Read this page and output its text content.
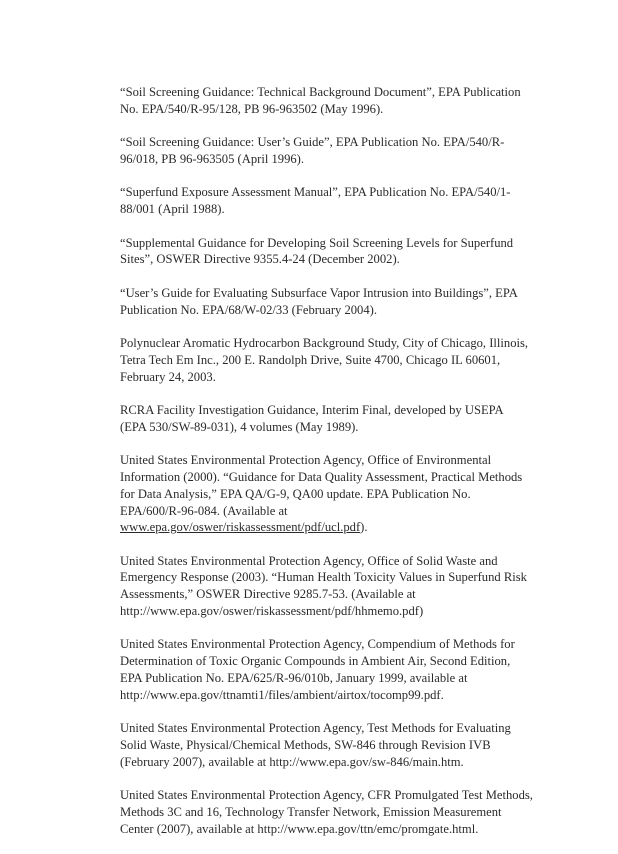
“Soil Screening Guidance: Technical Background Document”, EPA Publication
No. EPA/540/R-95/128, PB 96-963502 (May 1996).

“Soil Screening Guidance: User’s Guide”, EPA Publication No. EPA/540/R-
96/018, PB 96-963505 (April 1996).

“Superfund Exposure Assessment Manual”, EPA Publication No. EPA/540/1-
88/001 (April 1988).

“Supplemental Guidance for Developing Soil Screening Levels for Superfund
Sites”, OSWER Directive 9355.4-24 (December 2002).

“User’s Guide for Evaluating Subsurface Vapor Intrusion into Buildings”, EPA
Publication No. EPA/68/W-02/33 (February 2004).

Polynuclear Aromatic Hydrocarbon Background Study, City of Chicago, Illinois,
Tetra Tech Em Inc., 200 E. Randolph Drive, Suite 4700, Chicago IL 60601,
February 24, 2003.

RCRA Facility Investigation Guidance, Interim Final, developed by USEPA
(EPA 530/SW-89-031), 4 volumes (May 1989).

United States Environmental Protection Agency, Office of Environmental
Information (2000). “Guidance for Data Quality Assessment, Practical Methods
for Data Analysis,” EPA QA/G-9, QA00 update. EPA Publication No.
EPA/600/R-96-084. (Available at
www.epa.gov/oswer/riskassessment/pdf/ucl.pdf).

United States Environmental Protection Agency, Office of Solid Waste and
Emergency Response (2003). “Human Health Toxicity Values in Superfund Risk
Assessments,” OSWER Directive 9285.7-53. (Available at
http://www.epa.gov/oswer/riskassessment/pdf/hhmemo.pdf)

United States Environmental Protection Agency, Compendium of Methods for
Determination of Toxic Organic Compounds in Ambient Air, Second Edition,
EPA Publication No. EPA/625/R-96/010b, January 1999, available at
http://www.epa.gov/ttnamti1/files/ambient/airtox/tocomp99.pdf.

United States Environmental Protection Agency, Test Methods for Evaluating
Solid Waste, Physical/Chemical Methods, SW-846 through Revision IVB
(February 2007), available at http://www.epa.gov/sw-846/main.htm.

United States Environmental Protection Agency, CFR Promulgated Test Methods,
Methods 3C and 16, Technology Transfer Network, Emission Measurement
Center (2007), available at http://www.epa.gov/ttn/emc/promgate.html.
